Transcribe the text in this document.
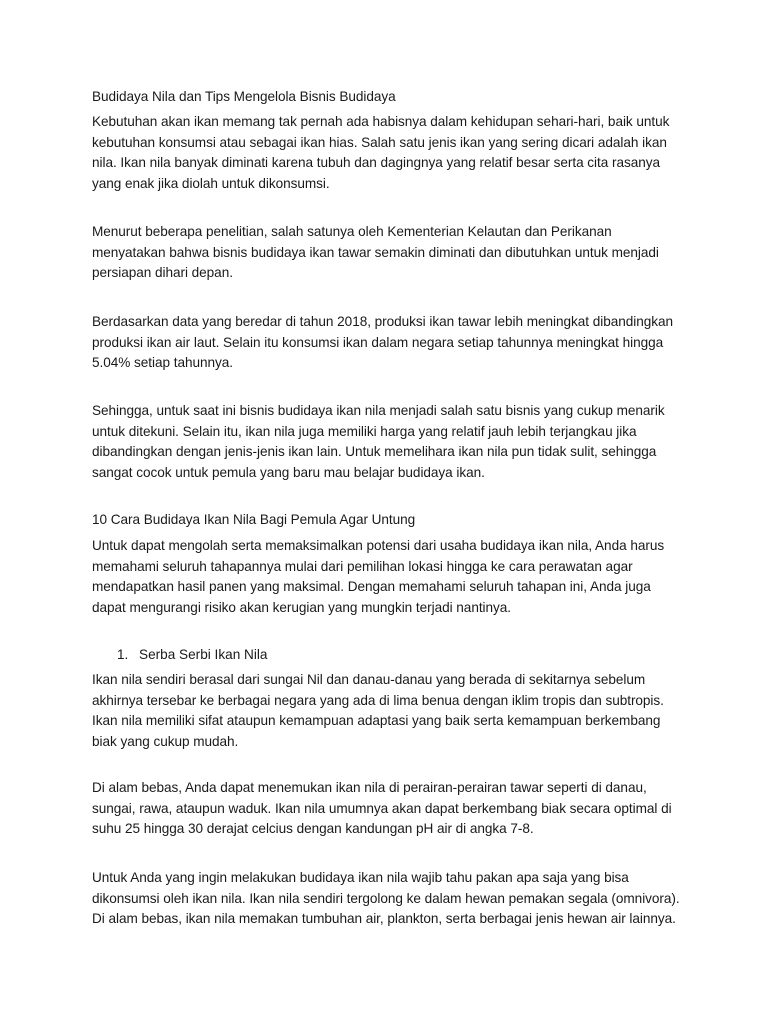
Budidaya Nila dan Tips Mengelola Bisnis Budidaya

Kebutuhan akan ikan memang tak pernah ada habisnya dalam kehidupan sehari-hari, baik untuk kebutuhan konsumsi atau sebagai ikan hias. Salah satu jenis ikan yang sering dicari adalah ikan nila. Ikan nila banyak diminati karena tubuh dan dagingnya yang relatif besar serta cita rasanya yang enak jika diolah untuk dikonsumsi.

Menurut beberapa penelitian, salah satunya oleh Kementerian Kelautan dan Perikanan menyatakan bahwa bisnis budidaya ikan tawar semakin diminati dan dibutuhkan untuk menjadi persiapan dihari depan.

Berdasarkan data yang beredar di tahun 2018, produksi ikan tawar lebih meningkat dibandingkan produksi ikan air laut. Selain itu konsumsi ikan dalam negara setiap tahunnya meningkat hingga 5.04% setiap tahunnya.

Sehingga, untuk saat ini bisnis budidaya ikan nila menjadi salah satu bisnis yang cukup menarik untuk ditekuni. Selain itu, ikan nila juga memiliki harga yang relatif jauh lebih terjangkau jika dibandingkan dengan jenis-jenis ikan lain. Untuk memelihara ikan nila pun tidak sulit, sehingga sangat cocok untuk pemula yang baru mau belajar budidaya ikan.

10 Cara Budidaya Ikan Nila Bagi Pemula Agar Untung

Untuk dapat mengolah serta memaksimalkan potensi dari usaha budidaya ikan nila, Anda harus memahami seluruh tahapannya mulai dari pemilihan lokasi hingga ke cara perawatan agar mendapatkan hasil panen yang maksimal. Dengan memahami seluruh tahapan ini, Anda juga dapat mengurangi risiko akan kerugian yang mungkin terjadi nantinya.

1. Serba Serbi Ikan Nila

Ikan nila sendiri berasal dari sungai Nil dan danau-danau yang berada di sekitarnya sebelum akhirnya tersebar ke berbagai negara yang ada di lima benua dengan iklim tropis dan subtropis. Ikan nila memiliki sifat ataupun kemampuan adaptasi yang baik serta kemampuan berkembang biak yang cukup mudah.

Di alam bebas, Anda dapat menemukan ikan nila di perairan-perairan tawar seperti di danau, sungai, rawa, ataupun waduk. Ikan nila umumnya akan dapat berkembang biak secara optimal di suhu 25 hingga 30 derajat celcius dengan kandungan pH air di angka 7-8.

Untuk Anda yang ingin melakukan budidaya ikan nila wajib tahu pakan apa saja yang bisa dikonsumsi oleh ikan nila. Ikan nila sendiri tergolong ke dalam hewan pemakan segala (omnivora). Di alam bebas, ikan nila memakan tumbuhan air, plankton, serta berbagai jenis hewan air lainnya.
